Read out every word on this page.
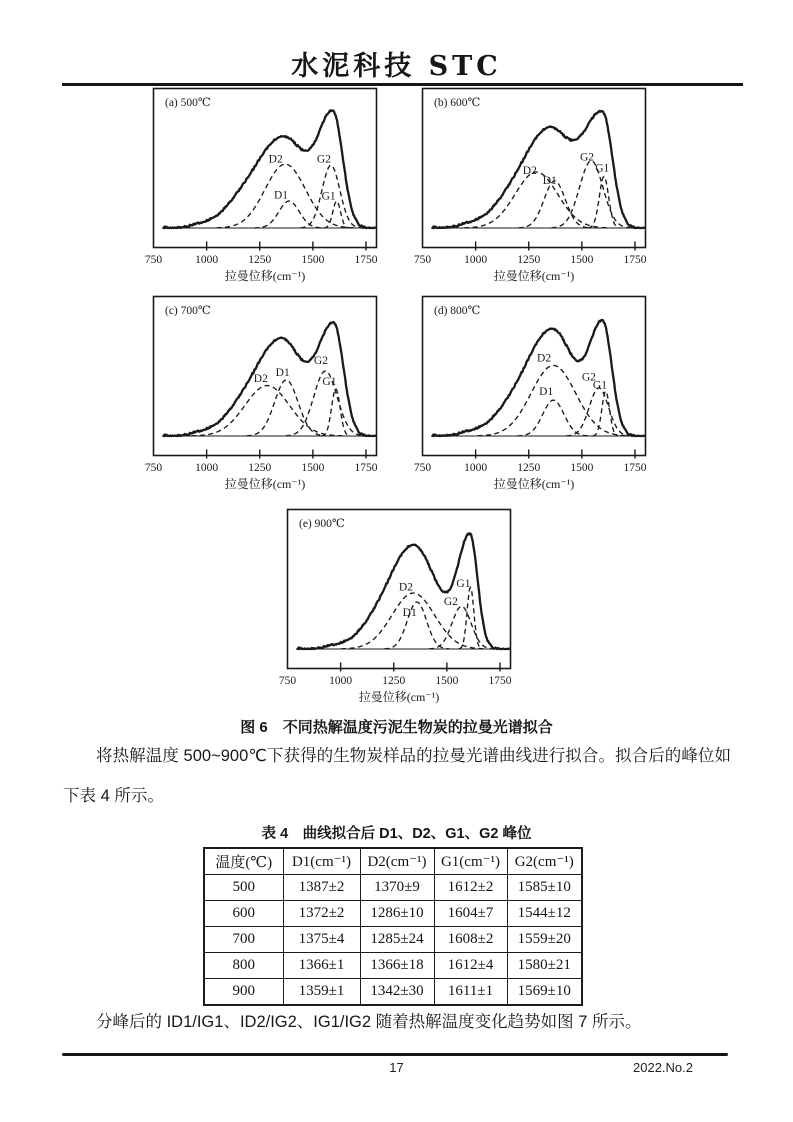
水泥科技 STC
750	1000	1250	1500	1750
拉曼位移(cm⁻¹)
(a) 500℃
D2
D1
G2
G1
750	1000	1250	1500	1750
拉曼位移(cm⁻¹)
(b) 600℃
D2
D1
G2
G1
750	1000	1250	1500	1750
拉曼位移(cm⁻¹)
(c) 700℃
D2 D1
G2
G1
750	1000	1250	1500	1750
拉曼位移(cm⁻¹)
(d) 800℃
D2
D1
G2
G1
750	1000	1250	1500	1750
拉曼位移(cm⁻¹)
(e) 900℃
D2
D1
G2
G1
图 6　不同热解温度污泥生物炭的拉曼光谱拟合

将热解温度 500~900℃下获得的生物炭样品的拉曼光谱曲线进行拟合。拟合后的峰位如下表 4 所示。

表 4　曲线拟合后 D1、D2、G1、G2 峰位
温度(℃)	D1(cm⁻¹)	D2(cm⁻¹)	G1(cm⁻¹)	G2(cm⁻¹)
500	1387±2	1370±9	1612±2	1585±10
600	1372±2	1286±10	1604±7	1544±12
700	1375±4	1285±24	1608±2	1559±20
800	1366±1	1366±18	1612±4	1580±21
900	1359±1	1342±30	1611±1	1569±10

分峰后的 ID1/IG1、ID2/IG2、IG1/IG2 随着热解温度变化趋势如图 7 所示。

17	2022.No.2
